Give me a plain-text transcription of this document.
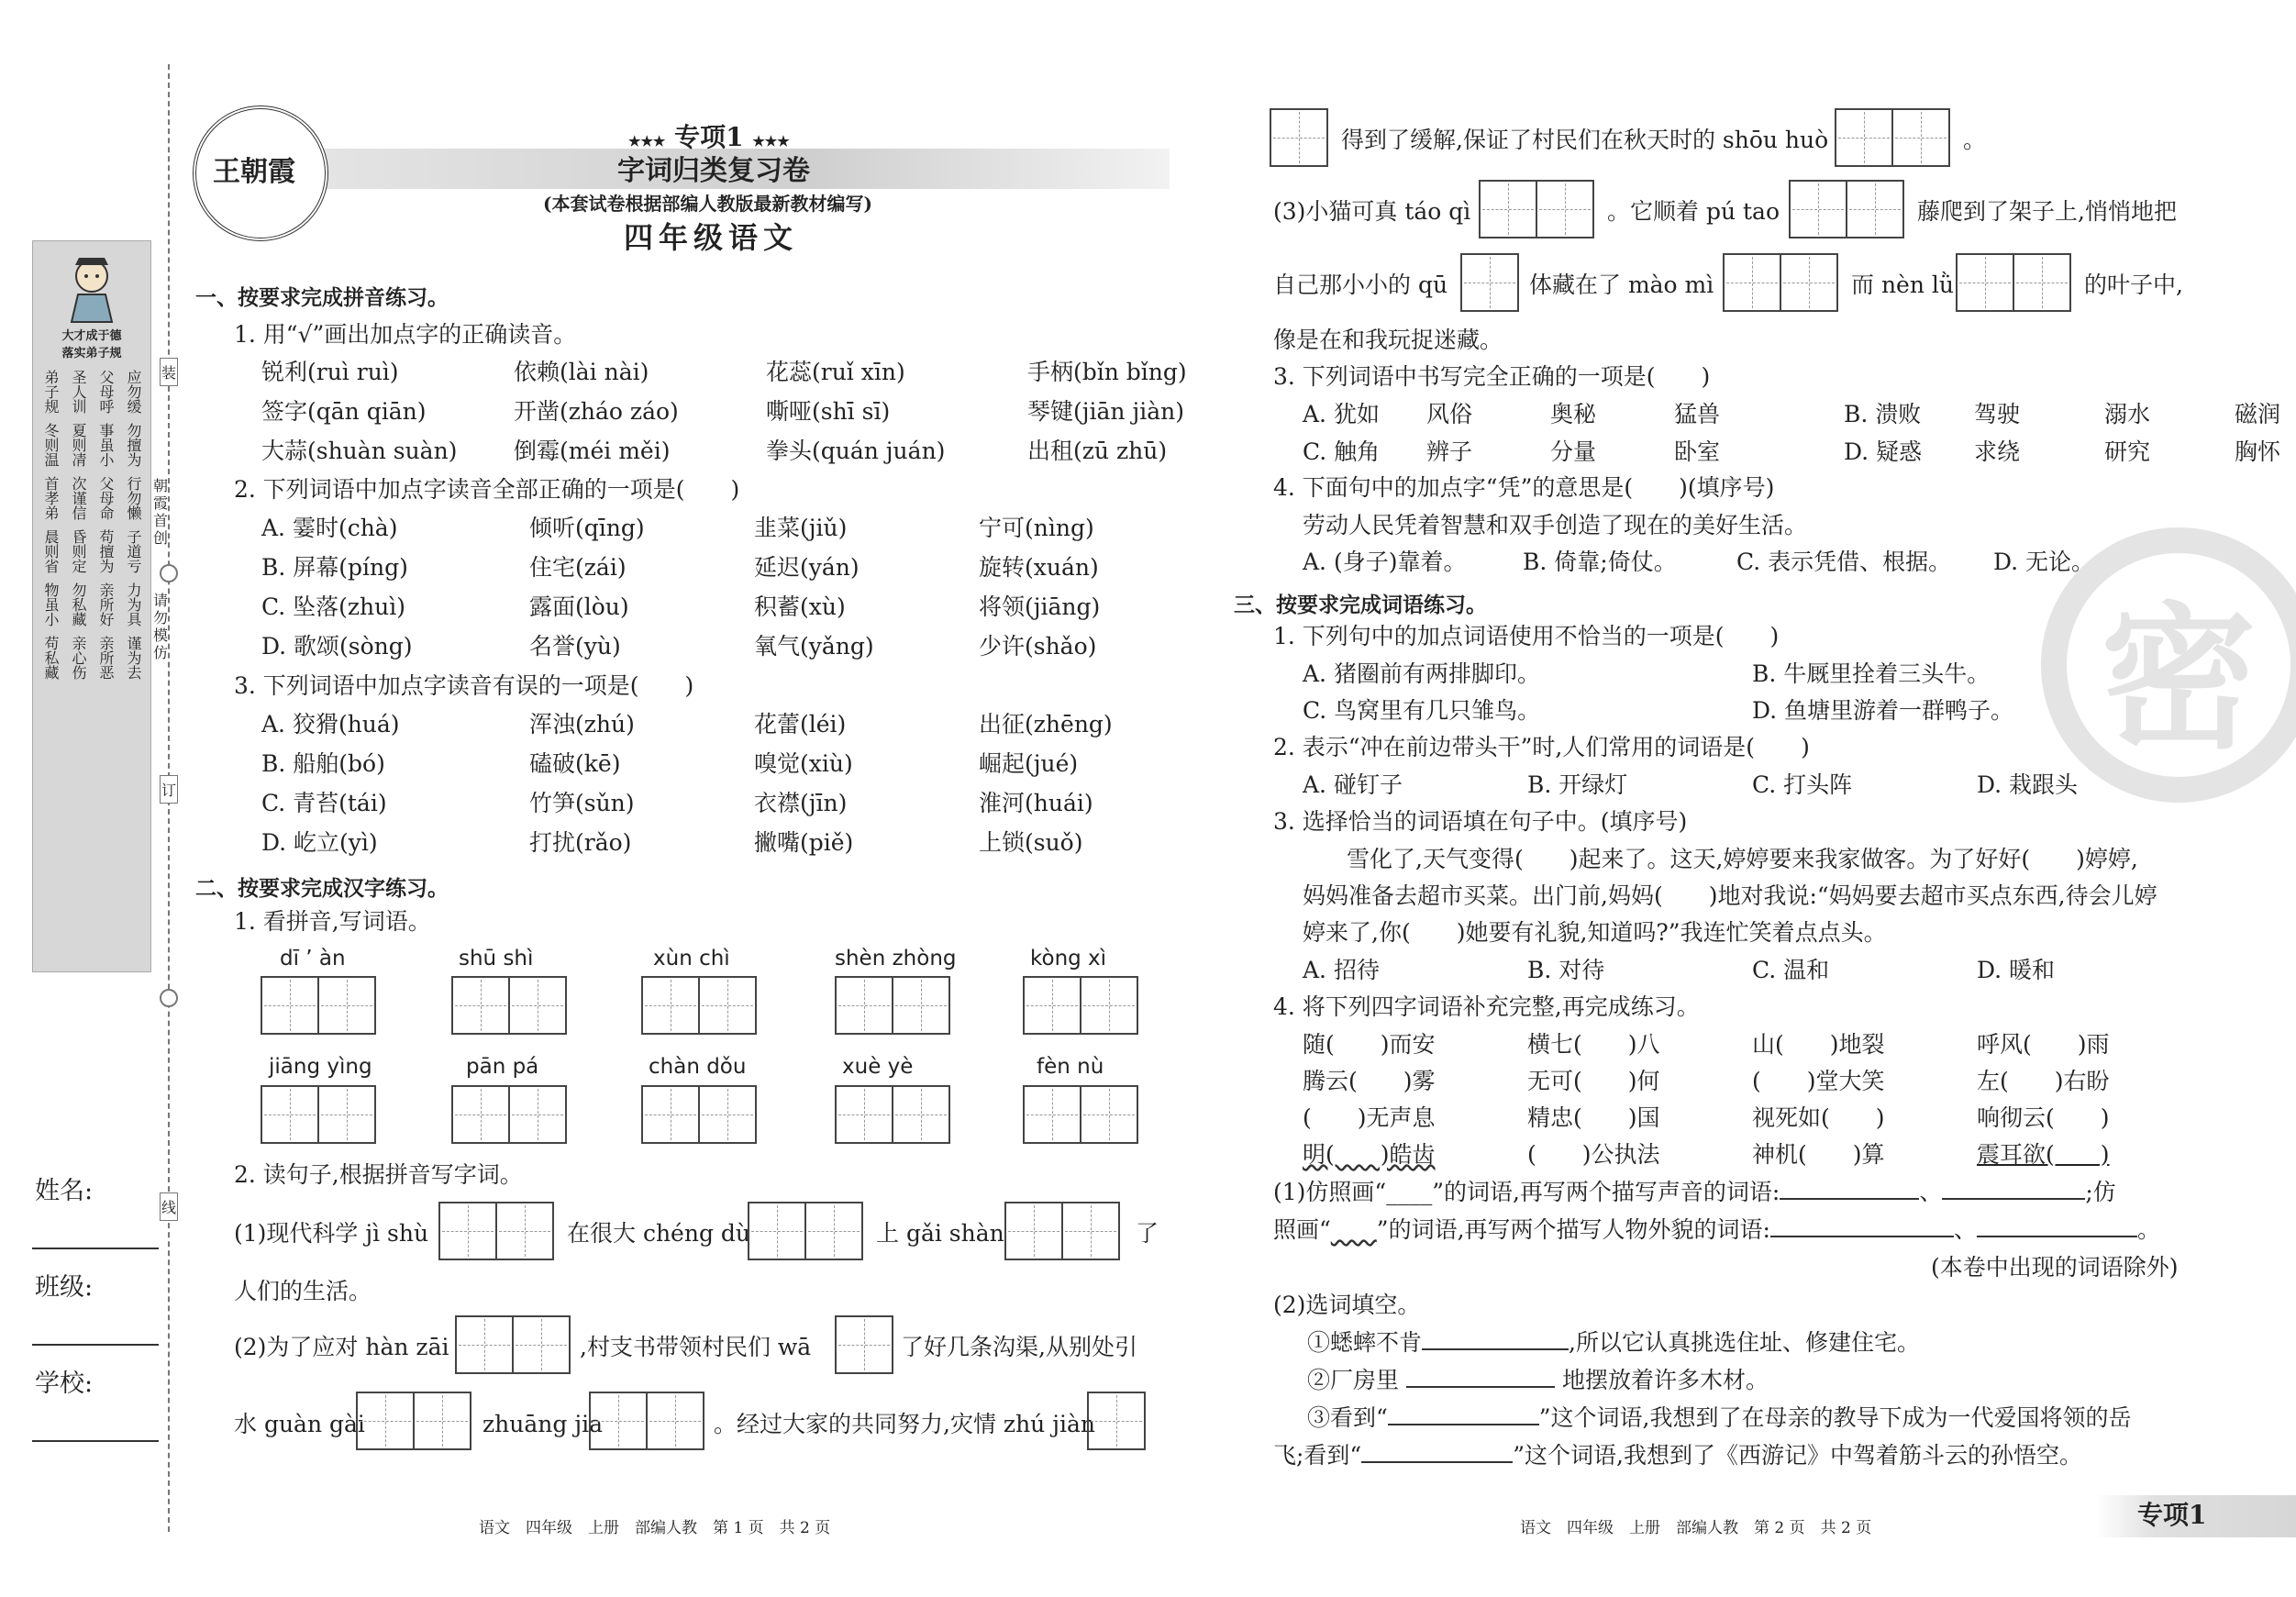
装
订
线
朝霞首创
请勿模仿
大才成于德
落实弟子规
弟子规 圣人训 父母呼 应勿缓
冬则温 夏则凊 事虽小 勿擅为
首孝弟 次谨信 父母命 行勿懒
晨则省 昏则定 苟擅为 子道亏
物虽小 勿私藏 亲所好 力为具
苟私藏 亲心伤 亲所恶 谨为去
姓名:
班级:
学校:
王朝霞
★★★ 专项1 ★★★
字词归类复习卷
(本套试卷根据部编人教版最新教材编写)
四年级语文
一、按要求完成拼音练习。
1. 用“√”画出加点字的正确读音。
锐利(ruì ruì)	依赖(lài nài)	花蕊(ruǐ xīn)	手柄(bǐn bǐng)
签字(qān qiān)	开凿(zháo záo)	嘶哑(shī sī)	琴键(jiān jiàn)
大蒜(shuàn suàn)	倒霉(méi měi)	拳头(quán juán)	出租(zū zhū)
2. 下列词语中加点字读音全部正确的一项是(　　)
A. 霎时(chà)	倾听(qīng)	韭菜(jiǔ)	宁可(nìng)
B. 屏幕(píng)	住宅(zái)	延迟(yán)	旋转(xuán)
C. 坠落(zhuì)	露面(lòu)	积蓄(xù)	将领(jiāng)
D. 歌颂(sòng)	名誉(yù)	氧气(yǎng)	少许(shǎo)
3. 下列词语中加点字读音有误的一项是(　　)
A. 狡猾(huá)	浑浊(zhú)	花蕾(léi)	出征(zhēng)
B. 船舶(bó)	磕破(kē)	嗅觉(xiù)	崛起(jué)
C. 青苔(tái)	竹笋(sǔn)	衣襟(jīn)	淮河(huái)
D. 屹立(yì)	打扰(rǎo)	撇嘴(piě)	上锁(suǒ)
二、按要求完成汉字练习。
1. 看拼音,写词语。
dī ’ àn	shū shì	xùn chì	shèn zhòng	kòng xì
jiāng yìng	pān pá	chàn dǒu	xuè yè	fèn nù
2. 读句子,根据拼音写字词。
(1)现代科学 jì shù	在很大 chéng dù	上 gǎi shàn	了
人们的生活。
(2)为了应对 hàn zāi	,村支书带领村民们 wā	了好几条沟渠,从别处引
水 guàn gài	zhuāng jia	。经过大家的共同努力,灾情 zhú jiàn
语文　四年级　上册　部编人教　第 1 页　共 2 页
得到了缓解,保证了村民们在秋天时的 shōu huò	。
(3)小猫可真 táo qì	。它顺着 pú tao	藤爬到了架子上,悄悄地把
自己那小小的 qū	体藏在了 mào mì	而 nèn lǜ	的叶子中,
像是在和我玩捉迷藏。
3. 下列词语中书写完全正确的一项是(　　)
A. 犹如	风俗	奥秘	猛兽	B. 溃败	驾驶	溺水	磁润
C. 触角	辨子	分量	卧室	D. 疑惑	求绕	研究	胸怀
4. 下面句中的加点字“凭”的意思是(　　)(填序号)
劳动人民凭着智慧和双手创造了现在的美好生活。
A. (身子)靠着。	B. 倚靠;倚仗。	C. 表示凭借、根据。	D. 无论。
三、按要求完成词语练习。
1. 下列句中的加点词语使用不恰当的一项是(　　)
A. 猪圈前有两排脚印。	B. 牛厩里拴着三头牛。
C. 鸟窝里有几只雏鸟。	D. 鱼塘里游着一群鸭子。
2. 表示“冲在前边带头干”时,人们常用的词语是(　　)
A. 碰钉子	B. 开绿灯	C. 打头阵	D. 栽跟头
3. 选择恰当的词语填在句子中。(填序号)
雪化了,天气变得(　　)起来了。这天,婷婷要来我家做客。为了好好(　　)婷婷,
妈妈准备去超市买菜。出门前,妈妈(　　)地对我说:“妈妈要去超市买点东西,待会儿婷
婷来了,你(　　)她要有礼貌,知道吗?”我连忙笑着点点头。
A. 招待	B. 对待	C. 温和	D. 暖和
4. 将下列四字词语补充完整,再完成练习。
随(　　)而安	横七(　　)八	山(　　)地裂	呼风(　　)雨
腾云(　　)雾	无可(　　)何	(　　)堂大笑	左(　　)右盼
(　　)无声息	精忠(　　)国	视死如(　　)	响彻云(　　)
明(　　)皓齿	(　　)公执法	神机(　　)算	震耳欲(　　)
(1)仿照画“____”的词语,再写两个描写声音的词语:	、	;仿
照画“　　 ”的词语,再写两个描写人物外貌的词语:	、	。
(本卷中出现的词语除外)
(2)选词填空。
①蟋蟀不肯	,所以它认真挑选住址、修建住宅。
②厂房里	地摆放着许多木材。
③看到“	”这个词语,我想到了在母亲的教导下成为一代爱国将领的岳
飞;看到“	”这个词语,我想到了《西游记》中驾着筋斗云的孙悟空。
语文　四年级　上册　部编人教　第 2 页　共 2 页
密
专项1
